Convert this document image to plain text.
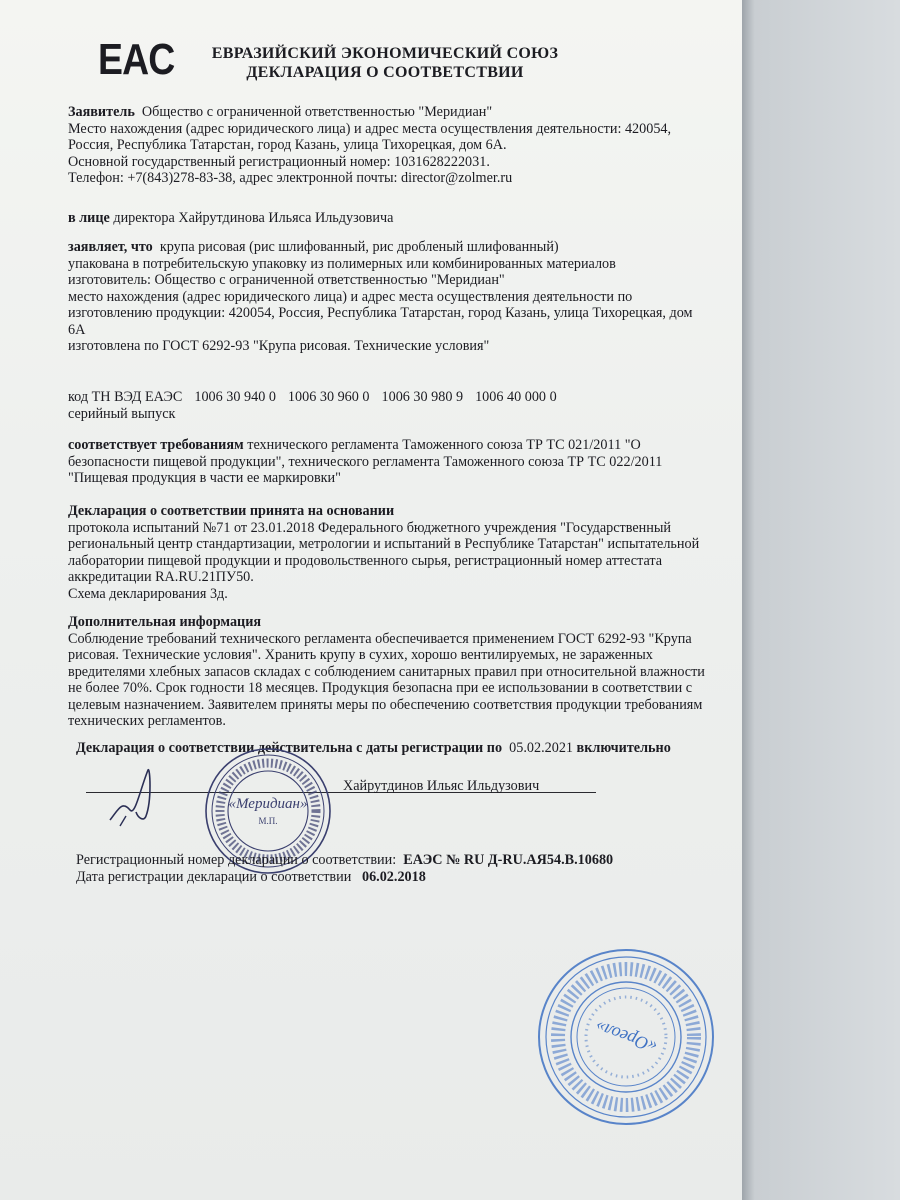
EAC	ЕВРАЗИЙСКИЙ ЭКОНОМИЧЕСКИЙ СОЮЗ
ДЕКЛАРАЦИЯ О СООТВЕТСТВИИ

Заявитель Общество с ограниченной ответственностью "Меридиан"

Место нахождения (адрес юридического лица) и адрес места осуществления деятельности: 420054, Россия, Республика Татарстан, город Казань, улица Тихорецкая, дом 6А.

Основной государственный регистрационный номер: 1031628222031.

Телефон: +7(843)278-83-38, адрес электронной почты: director@zolmer.ru

в лице директора Хайрутдинова Ильяса Ильдузовича

заявляет, что крупа рисовая (рис шлифованный, рис дробленый шлифованный)

упакована в потребительскую упаковку из полимерных или комбинированных материалов

изготовитель: Общество с ограниченной ответственностью "Меридиан"

место нахождения (адрес юридического лица) и адрес места осуществления деятельности по изготовлению продукции: 420054, Россия, Республика Татарстан, город Казань, улица Тихорецкая, дом 6А

изготовлена по ГОСТ 6292-93 "Крупа рисовая. Технические условия"

код ТН ВЭД ЕАЭС 1006 30 940 0 1006 30 960 0 1006 30 980 9 1006 40 000 0

серийный выпуск

соответствует требованиям технического регламента Таможенного союза ТР ТС 021/2011 "О безопасности пищевой продукции", технического регламента Таможенного союза ТР ТС 022/2011 "Пищевая продукция в части ее маркировки"

Декларация о соответствии принята на основании

протокола испытаний №71 от 23.01.2018 Федерального бюджетного учреждения "Государственный региональный центр стандартизации, метрологии и испытаний в Республике Татарстан" испытательной лаборатории пищевой продукции и продовольственного сырья, регистрационный номер аттестата аккредитации RA.RU.21ПУ50.

Схема декларирования 3д.

Дополнительная информация

Соблюдение требований технического регламента обеспечивается применением ГОСТ 6292-93 "Крупа рисовая. Технические условия". Хранить крупу в сухих, хорошо вентилируемых, не зараженных вредителями хлебных запасов складах с соблюдением санитарных правил при относительной влажности не более 70%. Срок годности 18 месяцев. Продукция безопасна при ее использовании в соответствии с целевым назначением. Заявителем приняты меры по обеспечению соответствия продукции требованиям технических регламентов.

Декларация о соответствии действительна с даты регистрации по 05.02.2021 включительно
Хайрутдинов Ильяс Ильдузович
«Меридиан»
М.П.
Регистрационный номер декларации о соответствии: ЕАЭС № RU Д-RU.АЯ54.В.10680
Дата регистрации декларации о соответствии 06.02.2018
«Ореол»
